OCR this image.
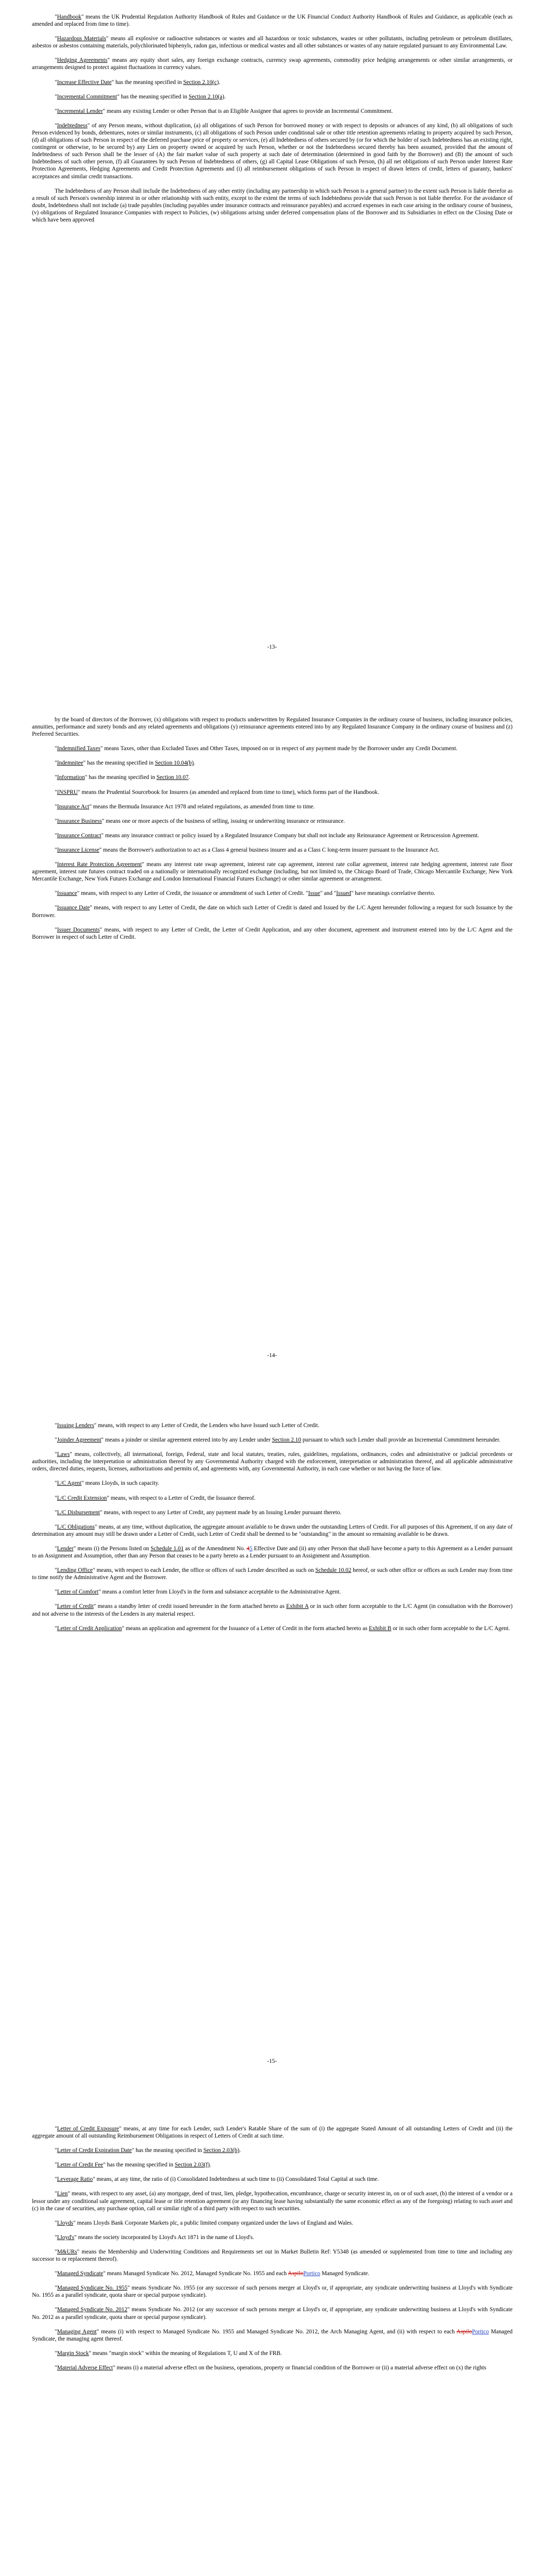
"Handbook" means the UK Prudential Regulation Authority Handbook of Rules and Guidance or the UK Financial Conduct Authority Handbook of Rules and Guidance, as applicable (each as amended and replaced from time to time).

"Hazardous Materials" means all explosive or radioactive substances or wastes and all hazardous or toxic substances, wastes or other pollutants, including petroleum or petroleum distillates, asbestos or asbestos containing materials, polychlorinated biphenyls, radon gas, infectious or medical wastes and all other substances or wastes of any nature regulated pursuant to any Environmental Law.

"Hedging Agreements" means any equity short sales, any foreign exchange contracts, currency swap agreements, commodity price hedging arrangements or other similar arrangements, or arrangements designed to protect against fluctuations in currency values.

"Increase Effective Date" has the meaning specified in Section 2.10(c).

"Incremental Commitment" has the meaning specified in Section 2.10(a).

"Incremental Lender" means any existing Lender or other Person that is an Eligible Assignee that agrees to provide an Incremental Commitment.

"Indebtedness" of any Person means, without duplication, (a) all obligations of such Person for borrowed money or with respect to deposits or advances of any kind, (b) all obligations of such Person evidenced by bonds, debentures, notes or similar instruments, (c) all obligations of such Person under conditional sale or other title retention agreements relating to property acquired by such Person, (d) all obligations of such Person in respect of the deferred purchase price of property or services, (e) all Indebtedness of others secured by (or for which the holder of such Indebtedness has an existing right, contingent or otherwise, to be secured by) any Lien on property owned or acquired by such Person, whether or not the Indebtedness secured thereby has been assumed, provided that the amount of Indebtedness of such Person shall be the lesser of (A) the fair market value of such property at such date of determination (determined in good faith by the Borrower) and (B) the amount of such Indebtedness of such other person, (f) all Guarantees by such Person of Indebtedness of others, (g) all Capital Lease Obligations of such Person, (h) all net obligations of such Person under Interest Rate Protection Agreements, Hedging Agreements and Credit Protection Agreements and (i) all reimbursement obligations of such Person in respect of drawn letters of credit, letters of guaranty, bankers' acceptances and similar credit transactions.

The Indebtedness of any Person shall include the Indebtedness of any other entity (including any partnership in which such Person is a general partner) to the extent such Person is liable therefor as a result of such Person's ownership interest in or other relationship with such entity, except to the extent the terms of such Indebtedness provide that such Person is not liable therefor. For the avoidance of doubt, Indebtedness shall not include (a) trade payables (including payables under insurance contracts and reinsurance payables) and accrued expenses in each case arising in the ordinary course of business, (v) obligations of Regulated Insurance Companies with respect to Policies, (w) obligations arising under deferred compensation plans of the Borrower and its Subsidiaries in effect on the Closing Date or which have been approved

-13-

by the board of directors of the Borrower, (x) obligations with respect to products underwritten by Regulated Insurance Companies in the ordinary course of business, including insurance policies, annuities, performance and surety bonds and any related agreements and obligations (y) reinsurance agreements entered into by any Regulated Insurance Company in the ordinary course of business and (z) Preferred Securities.

"Indemnified Taxes" means Taxes, other than Excluded Taxes and Other Taxes, imposed on or in respect of any payment made by the Borrower under any Credit Document.

"Indemnitee" has the meaning specified in Section 10.04(b).

"Information" has the meaning specified in Section 10.07.

"INSPRU" means the Prudential Sourcebook for Insurers (as amended and replaced from time to time), which forms part of the Handbook.

"Insurance Act" means the Bermuda Insurance Act 1978 and related regulations, as amended from time to time.

"Insurance Business" means one or more aspects of the business of selling, issuing or underwriting insurance or reinsurance.

"Insurance Contract" means any insurance contract or policy issued by a Regulated Insurance Company but shall not include any Reinsurance Agreement or Retrocession Agreement.

"Insurance License" means the Borrower's authorization to act as a Class 4 general business insurer and as a Class C long-term insurer pursuant to the Insurance Act.

"Interest Rate Protection Agreement" means any interest rate swap agreement, interest rate cap agreement, interest rate collar agreement, interest rate hedging agreement, interest rate floor agreement, interest rate futures contract traded on a nationally or internationally recognized exchange (including, but not limited to, the Chicago Board of Trade, Chicago Mercantile Exchange, New York Mercantile Exchange, New York Futures Exchange and London International Financial Futures Exchange) or other similar agreement or arrangement.

"Issuance" means, with respect to any Letter of Credit, the issuance or amendment of such Letter of Credit. "Issue" and "Issued" have meanings correlative thereto.

"Issuance Date" means, with respect to any Letter of Credit, the date on which such Letter of Credit is dated and Issued by the L/C Agent hereunder following a request for such Issuance by the Borrower.

"Issuer Documents" means, with respect to any Letter of Credit, the Letter of Credit Application, and any other document, agreement and instrument entered into by the L/C Agent and the Borrower in respect of such Letter of Credit.

-14-

"Issuing Lenders" means, with respect to any Letter of Credit, the Lenders who have Issued such Letter of Credit.

"Joinder Agreement" means a joinder or similar agreement entered into by any Lender under Section 2.10 pursuant to which such Lender shall provide an Incremental Commitment hereunder.

"Laws" means, collectively, all international, foreign, Federal, state and local statutes, treaties, rules, guidelines, regulations, ordinances, codes and administrative or judicial precedents or authorities, including the interpretation or administration thereof by any Governmental Authority charged with the enforcement, interpretation or administration thereof, and all applicable administrative orders, directed duties, requests, licenses, authorizations and permits of, and agreements with, any Governmental Authority, in each case whether or not having the force of law.

"L/C Agent" means Lloyds, in such capacity.

"L/C Credit Extension" means, with respect to a Letter of Credit, the Issuance thereof.

"L/C Disbursement" means, with respect to any Letter of Credit, any payment made by an Issuing Lender pursuant thereto.

"L/C Obligations" means, at any time, without duplication, the aggregate amount available to be drawn under the outstanding Letters of Credit. For all purposes of this Agreement, if on any date of determination any amount may still be drawn under a Letter of Credit, such Letter of Credit shall be deemed to be "outstanding" in the amount so remaining available to be drawn.

"Lender" means (i) the Persons listed on Schedule 1.01 as of the Amendment No. 45 Effective Date and (ii) any other Person that shall have become a party to this Agreement as a Lender pursuant to an Assignment and Assumption, other than any Person that ceases to be a party hereto as a Lender pursuant to an Assignment and Assumption.

"Lending Office" means, with respect to each Lender, the office or offices of such Lender described as such on Schedule 10.02 hereof, or such other office or offices as such Lender may from time to time notify the Administrative Agent and the Borrower.

"Letter of Comfort" means a comfort letter from Lloyd's in the form and substance acceptable to the Administrative Agent.

"Letter of Credit" means a standby letter of credit issued hereunder in the form attached hereto as Exhibit A or in such other form acceptable to the L/C Agent (in consultation with the Borrower) and not adverse to the interests of the Lenders in any material respect.

"Letter of Credit Application" means an application and agreement for the Issuance of a Letter of Credit in the form attached hereto as Exhibit B or in such other form acceptable to the L/C Agent.

-15-

"Letter of Credit Exposure" means, at any time for each Lender, such Lender's Ratable Share of the sum of (i) the aggregate Stated Amount of all outstanding Letters of Credit and (ii) the aggregate amount of all outstanding Reimbursement Obligations in respect of Letters of Credit at such time.

"Letter of Credit Expiration Date" has the meaning specified in Section 2.03(b).

"Letter of Credit Fee" has the meaning specified in Section 2.03(f).

"Leverage Ratio" means, at any time, the ratio of (i) Consolidated Indebtedness at such time to (ii) Consolidated Total Capital at such time.

"Lien" means, with respect to any asset, (a) any mortgage, deed of trust, lien, pledge, hypothecation, encumbrance, charge or security interest in, on or of such asset, (b) the interest of a vendor or a lessor under any conditional sale agreement, capital lease or title retention agreement (or any financing lease having substantially the same economic effect as any of the foregoing) relating to such asset and (c) in the case of securities, any purchase option, call or similar right of a third party with respect to such securities.

"Lloyds" means Lloyds Bank Corporate Markets plc, a public limited company organized under the laws of England and Wales.

"Lloyd's" means the society incorporated by Lloyd's Act 1871 in the name of Lloyd's.

"M&URs" means the Membership and Underwriting Conditions and Requirements set out in Market Bulletin Ref: Y5348 (as amended or supplemented from time to time and including any successor to or replacement thereof).

"Managed Syndicate" means Managed Syndicate No. 2012, Managed Syndicate No. 1955 and each AspiloPortico Managed Syndicate.

"Managed Syndicate No. 1955" means Syndicate No. 1955 (or any successor of such persons merger at Lloyd's or, if appropriate, any syndicate underwriting business at Lloyd's with Syndicate No. 1955 as a parallel syndicate, quota share or special purpose syndicate).

"Managed Syndicate No. 2012" means Syndicate No. 2012 (or any successor of such persons merger at Lloyd's or, if appropriate, any syndicate underwriting business at Lloyd's with Syndicate No. 2012 as a parallel syndicate, quota share or special purpose syndicate).

"Managing Agent" means (i) with respect to Managed Syndicate No. 1955 and Managed Syndicate No. 2012, the Arch Managing Agent, and (ii) with respect to each AspiloPortico Managed Syndicate, the managing agent thereof.

"Margin Stock" means "margin stock" within the meaning of Regulations T, U and X of the FRB.

"Material Adverse Effect" means (i) a material adverse effect on the business, operations, property or financial condition of the Borrower or (ii) a material adverse effect on (x) the rights
